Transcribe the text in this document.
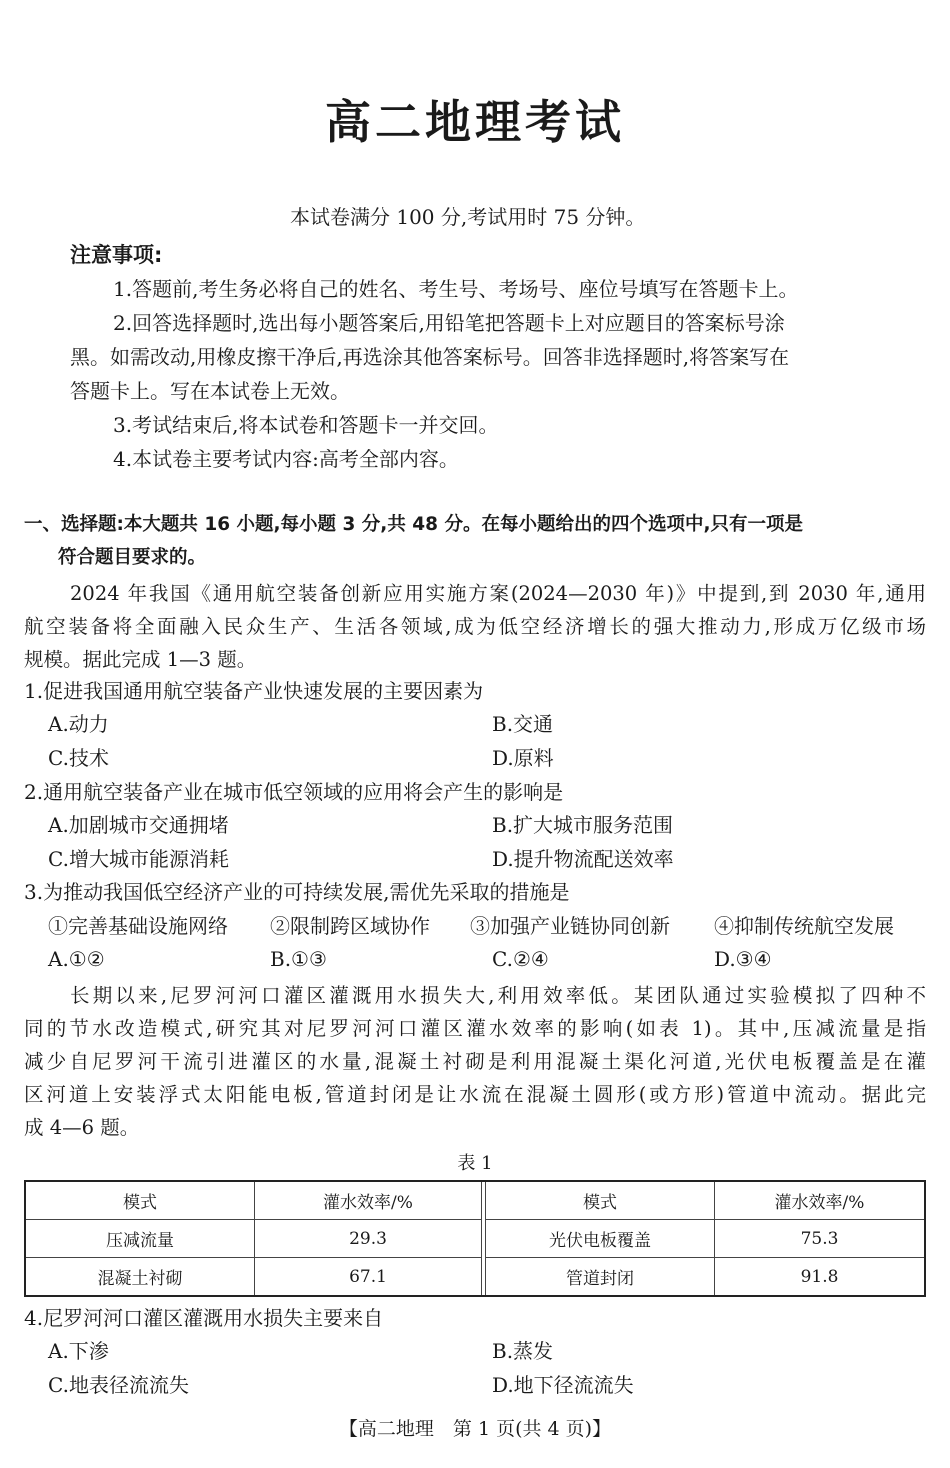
高二地理考试
本试卷满分 100 分,考试用时 75 分钟。
注意事项:
1.答题前,考生务必将自己的姓名、考生号、考场号、座位号填写在答题卡上。
2.回答选择题时,选出每小题答案后,用铅笔把答题卡上对应题目的答案标号涂
黑。如需改动,用橡皮擦干净后,再选涂其他答案标号。回答非选择题时,将答案写在
答题卡上。写在本试卷上无效。
3.考试结束后,将本试卷和答题卡一并交回。
4.本试卷主要考试内容:高考全部内容。
一、选择题:本大题共 16 小题,每小题 3 分,共 48 分。在每小题给出的四个选项中,只有一项是
符合题目要求的。
2024 年我国《通用航空装备创新应用实施方案(2024—2030 年)》中提到,到 2030 年,通用
航空装备将全面融入民众生产、生活各领域,成为低空经济增长的强大推动力,形成万亿级市场
规模。据此完成 1—3 题。
1.促进我国通用航空装备产业快速发展的主要因素为
A.动力	B.交通
C.技术	D.原料
2.通用航空装备产业在城市低空领域的应用将会产生的影响是
A.加剧城市交通拥堵	B.扩大城市服务范围
C.增大城市能源消耗	D.提升物流配送效率
3.为推动我国低空经济产业的可持续发展,需优先采取的措施是
①完善基础设施网络 ②限制跨区域协作 ③加强产业链协同创新 ④抑制传统航空发展
A.①②	B.①③	C.②④	D.③④
长期以来,尼罗河河口灌区灌溉用水损失大,利用效率低。某团队通过实验模拟了四种不
同的节水改造模式,研究其对尼罗河河口灌区灌水效率的影响(如表 1)。其中,压减流量是指
减少自尼罗河干流引进灌区的水量,混凝土衬砌是利用混凝土渠化河道,光伏电板覆盖是在灌
区河道上安装浮式太阳能电板,管道封闭是让水流在混凝土圆形(或方形)管道中流动。据此完
成 4—6 题。
表 1
模式	灌水效率/%		模式	灌水效率/%
压减流量	29.3		光伏电板覆盖	75.3
混凝土衬砌	67.1		管道封闭	91.8
4.尼罗河河口灌区灌溉用水损失主要来自
A.下渗	B.蒸发
C.地表径流流失	D.地下径流流失
【高二地理　第 1 页(共 4 页)】
